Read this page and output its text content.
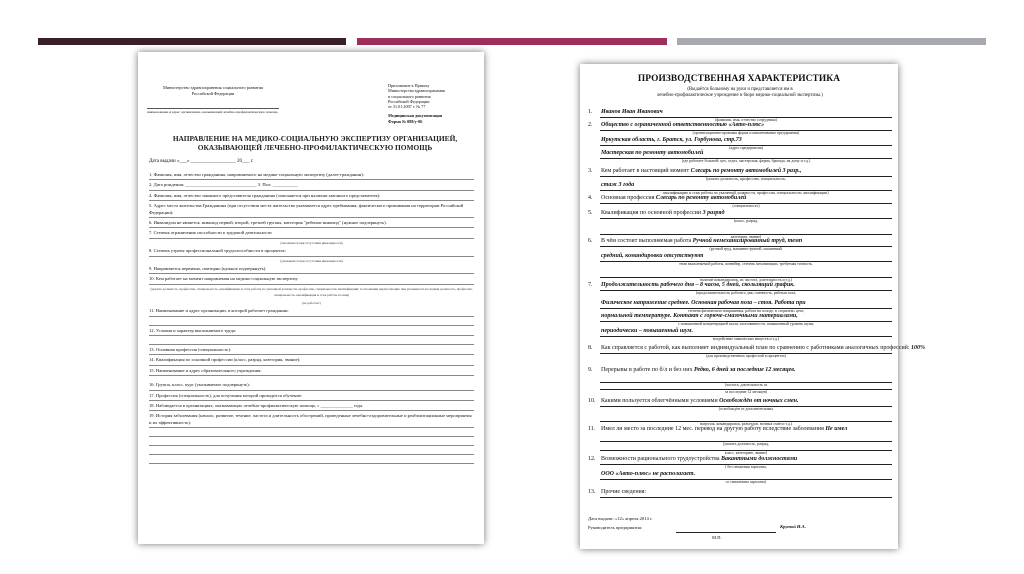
Министерство здравоохранения социального развития
Российской Федерации
наименование и адрес организации, оказывающей лечебно-профилактическую помощь
Приложение к Приказу
Министерства здравоохранения
и социального развития
Российской Федерации
от 31.01.2007 г. № 77
Медицинская документация
Форма № 088/у-06
НАПРАВЛЕНИЕ НА МЕДИКО-СОЦИАЛЬНУЮ ЭКСПЕРТИЗУ ОРГАНИЗАЦИЕЙ,
ОКАЗЫВАЮЩЕЙ ЛЕЧЕБНО-ПРОФИЛАКТИЧЕСКУЮ ПОМОЩЬ
Дата выдачи «___» __________________ 20___ г.
1. Фамилия, имя, отчество гражданина, направляемого на медико-социальную экспертизу (далее-гражданин):
2. Дата рождения: _______________________________ 3. Пол: ___________
4. Фамилия, имя, отчество законного представителя гражданина (заполняется при наличии законного представителя):
5. Адрес места жительства Гражданина (при отсутствии места жительства указывается адрес пребывания, фактического проживания на территории Российской Федерации):
6. Инвалидом не является, инвалид первой, второй, третьей группы, категория "ребенок-инвалид" (нужное подчеркнуть).
7. Степень ограничения способности к трудовой деятельности
(заполняется при отсутствии инвалидности)
8. Степень утраты профессиональной трудоспособности в процентах:
(указывается при отсутствии инвалидности)
9. Направляется первично, повторно (нужное подчеркнуть).
10. Кем работает на момент направления на медико-социальную экспертизу
(указать должность, профессию, специальность, квалификацию и стаж работы по указанной должности, профессии, специальности, квалификации; в отношении неработающих лиц указывается последняя должность, профессия, специальность, квалификация и стаж работы по ним)
(не работает)
11. Наименование и адрес организации, в которой работает гражданин:
12. Условия и характер выполняемого труда:
13. Основная профессия (специальность):
14. Квалификация по основной профессии (класс, разряд, категория, звание):
15. Наименование и адрес образовательного учреждения:
16. Группа, класс, курс (указываемое подчеркнуть):
17. Профессия (специальность), для получения которой проводится обучение:
18. Наблюдается в организациях, оказывающих лечебно-профилактическую помощь, с ______________ года.
19. История заболевания (начало, развитие, течение, частота и длительность обострений, проведенные лечебно-оздоровительные и реабилитационные мероприятия и их эффективность):
ПРОИЗВОДСТВЕННАЯ ХАРАКТЕРИСТИКА
(Выдаётся больному на руки и представляется им в
лечебно-профилактическое учреждение и бюро медико-социальной экспертизы.)
1. Иванов Иван Иванович
(фамилия, имя, отчество сотрудника)
2. Общество с ограниченной ответственностью «Авто-плюс»
(организационно-правовая форма и наименование предприятия)
Иркутская область, г. Братск, ул. Горбунова, стр.73
(адрес предприятия)
Мастерская по ремонту автомобилей
(где работает больной: цех, отдел, мастерская, ферма, бригада, на дому и т.д.)
3. Кем работает в настоящий момент Слесарь по ремонту автомобилей 3 разр.,
(указать должность, профессию, специальность,
стаж 3 года
квалификацию и стаж работы по указанной должности, профессии, специальности, квалификации)
4. Основная профессия Слесарь по ремонту автомобилей
(специальность)
5. Квалификация по основной профессии 3 разряд
(класс, разряд,
категория, звание)
6. В чём состоит выполняемая работа Ручной немеханизированный труд, темп
(ручной труд, машинно-ручной, машинный,
средний, командировки отсутствуют
темп выполняемой работы, конвейер, степень механизации, требуемая точность,
наличие командировок, их частота, длительность и т.д.)
7. Продолжительность рабочего дня – 8 часов, 5 дней, скользящий график.
(продолжительность рабочего дня, сменность, рабочая поза,
Физическое напряжение среднее. Основная рабочая поза – стоя. Работа при
степень физического напряжения, работа на холоде, в «горячем» цехе,
нормальной температуре. Контакт с горюче-смазочными материалами,
с повышенной концентрацией пыли, загазованности, повышенный уровень шума,
периодически – повышенный шум.
воздействие химических веществ и т.д.)
8. Как справляется с работой, как выполняет индивидуальный план по сравнению с работниками аналогичных профессий: 100%
(для производственных профессий в процентах)
9. Перерывы в работе по б/л и без них Редко, 6 дней за последние 12 месяцев.
(частота, длительность за
за последние 12 месяцев)
10. Какими пользуется облегчёнными условиями Освобождён от ночных смен.
(освобождён от дополнительных
нагрузок, командировок, разъездов, ночных смен и т.д.)
11. Имел ли место за последние 12 мес. перевод на другую работу вследствие заболевания Не имел
(указать должность, разряд,
класс, категорию, звание)
12. Возможности рационального трудоустройства Вакантными должностями
( без снижения зарплаты,
ООО «Авто-плюс» не располагает.
со снижением зарплаты)
13. Прочие сведения:
Дата выдачи: «12» апреля 2014 г.
Руководитель предприятия:	Крутой И.А.
М.П.
